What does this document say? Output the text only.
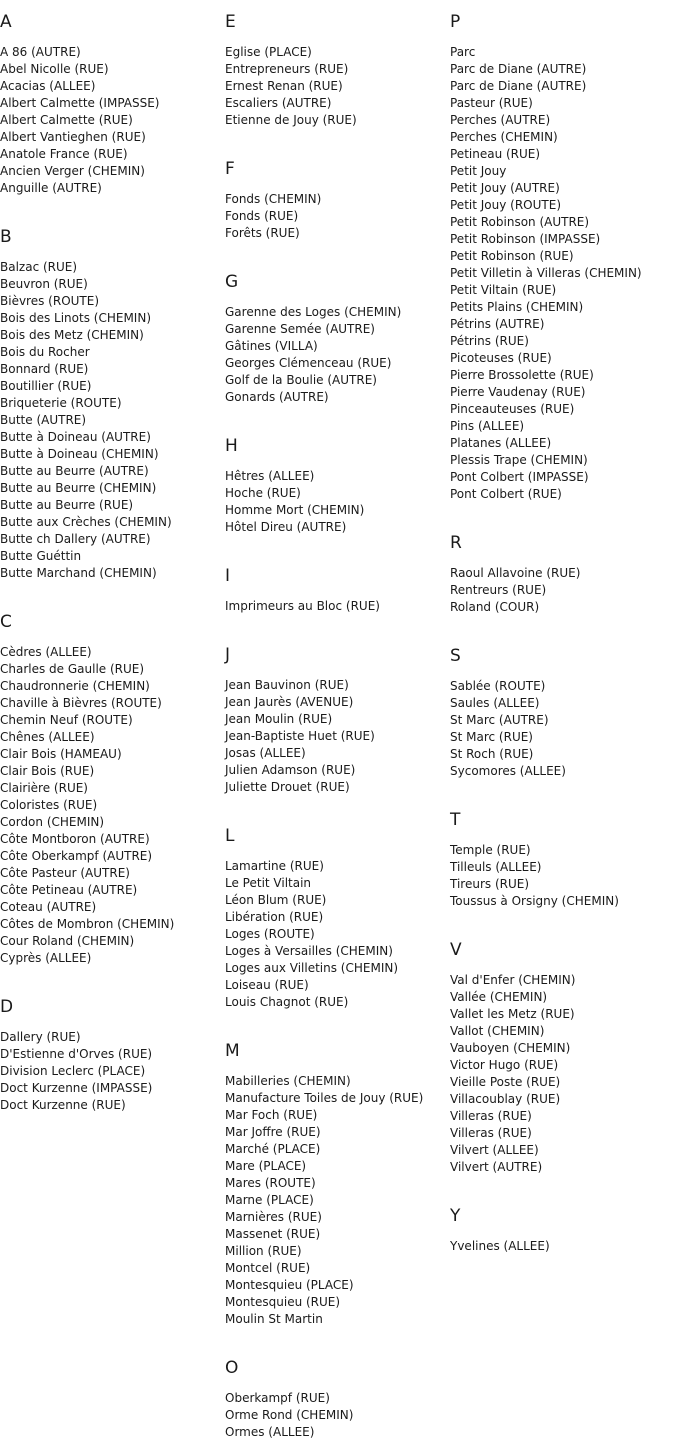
A
A 86 (AUTRE)
Abel Nicolle (RUE)
Acacias (ALLEE)
Albert Calmette (IMPASSE)
Albert Calmette (RUE)
Albert Vantieghen (RUE)
Anatole France (RUE)
Ancien Verger (CHEMIN)
Anguille (AUTRE)
B
Balzac (RUE)
Beuvron (RUE)
Bièvres (ROUTE)
Bois des Linots (CHEMIN)
Bois des Metz (CHEMIN)
Bois du Rocher
Bonnard (RUE)
Boutillier (RUE)
Briqueterie (ROUTE)
Butte (AUTRE)
Butte à Doineau (AUTRE)
Butte à Doineau (CHEMIN)
Butte au Beurre (AUTRE)
Butte au Beurre (CHEMIN)
Butte au Beurre (RUE)
Butte aux Crèches (CHEMIN)
Butte ch Dallery (AUTRE)
Butte Guéttin
Butte Marchand (CHEMIN)
C
Cèdres (ALLEE)
Charles de Gaulle (RUE)
Chaudronnerie (CHEMIN)
Chaville à Bièvres (ROUTE)
Chemin Neuf (ROUTE)
Chênes (ALLEE)
Clair Bois (HAMEAU)
Clair Bois (RUE)
Clairière (RUE)
Coloristes (RUE)
Cordon (CHEMIN)
Côte Montboron (AUTRE)
Côte Oberkampf (AUTRE)
Côte Pasteur (AUTRE)
Côte Petineau (AUTRE)
Coteau (AUTRE)
Côtes de Mombron (CHEMIN)
Cour Roland (CHEMIN)
Cyprès (ALLEE)
D
Dallery (RUE)
D'Estienne d'Orves (RUE)
Division Leclerc (PLACE)
Doct Kurzenne (IMPASSE)
Doct Kurzenne (RUE)
E
Eglise (PLACE)
Entrepreneurs (RUE)
Ernest Renan (RUE)
Escaliers (AUTRE)
Etienne de Jouy (RUE)
F
Fonds (CHEMIN)
Fonds (RUE)
Forêts (RUE)
G
Garenne des Loges (CHEMIN)
Garenne Semée (AUTRE)
Gâtines (VILLA)
Georges Clémenceau (RUE)
Golf de la Boulie (AUTRE)
Gonards (AUTRE)
H
Hêtres (ALLEE)
Hoche (RUE)
Homme Mort (CHEMIN)
Hôtel Direu (AUTRE)
I
Imprimeurs au Bloc (RUE)
J
Jean Bauvinon (RUE)
Jean Jaurès (AVENUE)
Jean Moulin (RUE)
Jean-Baptiste Huet (RUE)
Josas (ALLEE)
Julien Adamson (RUE)
Juliette Drouet (RUE)
L
Lamartine (RUE)
Le Petit Viltain
Léon Blum (RUE)
Libération (RUE)
Loges (ROUTE)
Loges à Versailles (CHEMIN)
Loges aux Villetins (CHEMIN)
Loiseau (RUE)
Louis Chagnot (RUE)
M
Mabilleries (CHEMIN)
Manufacture Toiles de Jouy (RUE)
Mar Foch (RUE)
Mar Joffre (RUE)
Marché (PLACE)
Mare (PLACE)
Mares (ROUTE)
Marne (PLACE)
Marnières (RUE)
Massenet (RUE)
Million (RUE)
Montcel (RUE)
Montesquieu (PLACE)
Montesquieu (RUE)
Moulin St Martin
O
Oberkampf (RUE)
Orme Rond (CHEMIN)
Ormes (ALLEE)
P
Parc
Parc de Diane (AUTRE)
Parc de Diane (AUTRE)
Pasteur (RUE)
Perches (AUTRE)
Perches (CHEMIN)
Petineau (RUE)
Petit Jouy
Petit Jouy (AUTRE)
Petit Jouy (ROUTE)
Petit Robinson (AUTRE)
Petit Robinson (IMPASSE)
Petit Robinson (RUE)
Petit Villetin à Villeras (CHEMIN)
Petit Viltain (RUE)
Petits Plains (CHEMIN)
Pétrins (AUTRE)
Pétrins (RUE)
Picoteuses (RUE)
Pierre Brossolette (RUE)
Pierre Vaudenay (RUE)
Pinceauteuses (RUE)
Pins (ALLEE)
Platanes (ALLEE)
Plessis Trape (CHEMIN)
Pont Colbert (IMPASSE)
Pont Colbert (RUE)
R
Raoul Allavoine (RUE)
Rentreurs (RUE)
Roland (COUR)
S
Sablée (ROUTE)
Saules (ALLEE)
St Marc (AUTRE)
St Marc (RUE)
St Roch (RUE)
Sycomores (ALLEE)
T
Temple (RUE)
Tilleuls (ALLEE)
Tireurs (RUE)
Toussus à Orsigny (CHEMIN)
V
Val d'Enfer (CHEMIN)
Vallée (CHEMIN)
Vallet les Metz (RUE)
Vallot (CHEMIN)
Vauboyen (CHEMIN)
Victor Hugo (RUE)
Vieille Poste (RUE)
Villacoublay (RUE)
Villeras (RUE)
Villeras (RUE)
Vilvert (ALLEE)
Vilvert (AUTRE)
Y
Yvelines (ALLEE)
